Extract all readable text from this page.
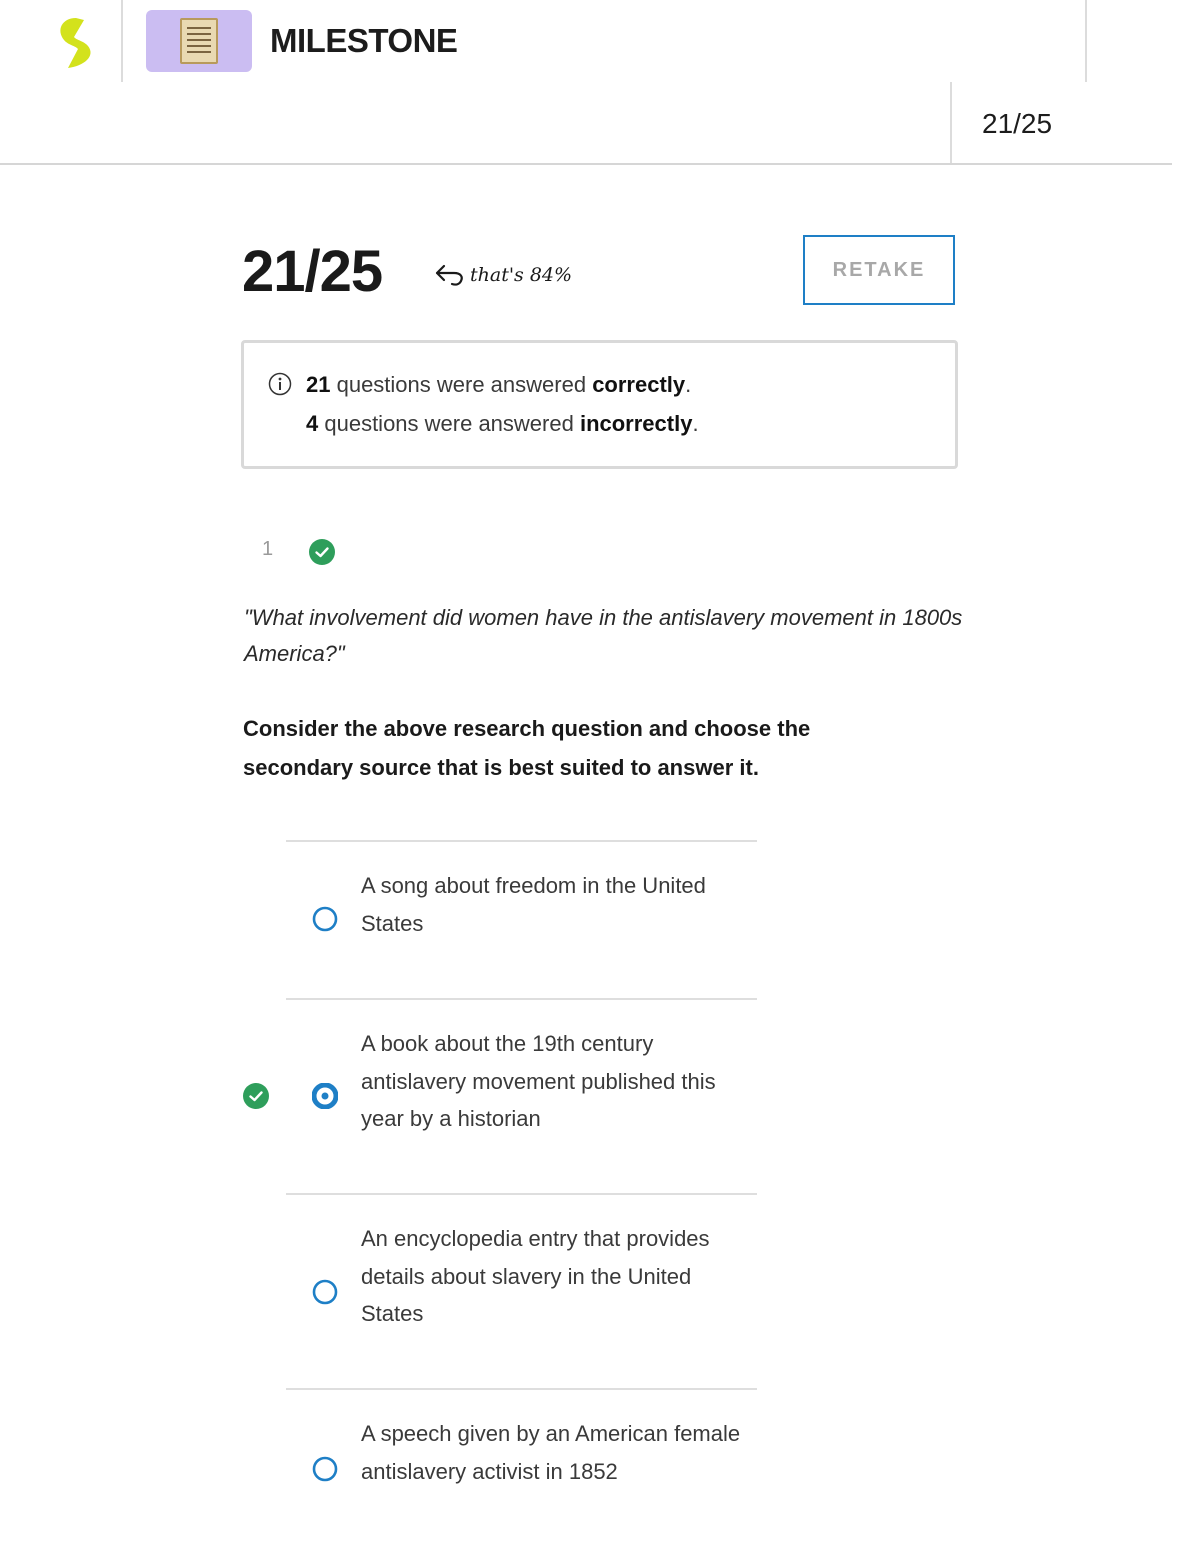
MILESTONE
21/25
21/25	that's 84%	RETAKE
21 questions were answered correctly.
4 questions were answered incorrectly.
1
"What involvement did women have in the antislavery movement in 1800s America?"
Consider the above research question and choose the secondary source that is best suited to answer it.
A song about freedom in the United States
A book about the 19th century antislavery movement published this year by a historian
An encyclopedia entry that provides details about slavery in the United States
A speech given by an American female antislavery activist in 1852
